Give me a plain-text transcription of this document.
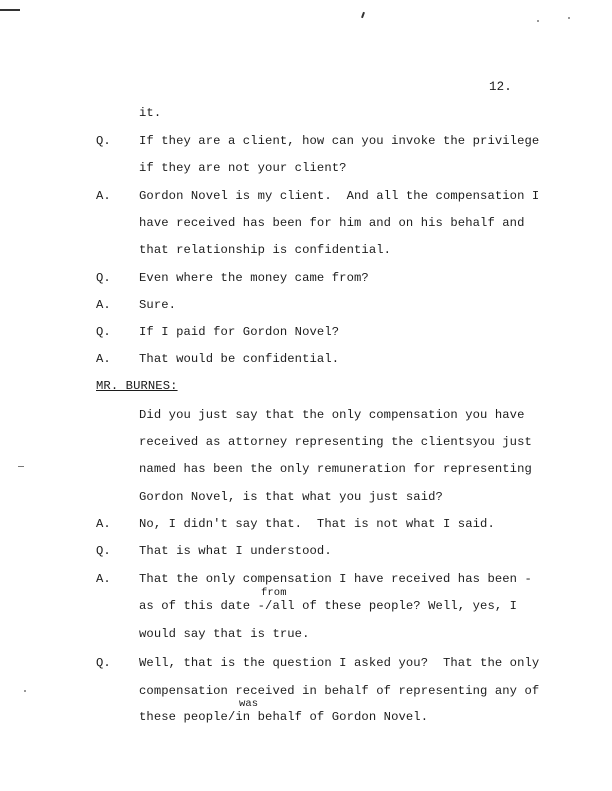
12.
it.
Q. If they are a client, how can you invoke the privilege
if they are not your client?
A. Gordon Novel is my client.  And all the compensation I
have received has been for him and on his behalf and
that relationship is confidential.
Q. Even where the money came from?
A. Sure.
Q. If I paid for Gordon Novel?
A. That would be confidential.
MR. BURNES:
Did you just say that the only compensation you have
received as attorney representing the clientsyou just
named has been the only remuneration for representing
Gordon Novel, is that what you just said?
A. No, I didn't say that.  That is not what I said.
Q. That is what I understood.
A. That the only compensation I have received has been -
from
as of this date -/all of these people? Well, yes, I
would say that is true.
Q. Well, that is the question I asked you?  That the only
compensation received in behalf of representing any of
was
these people/in behalf of Gordon Novel.
